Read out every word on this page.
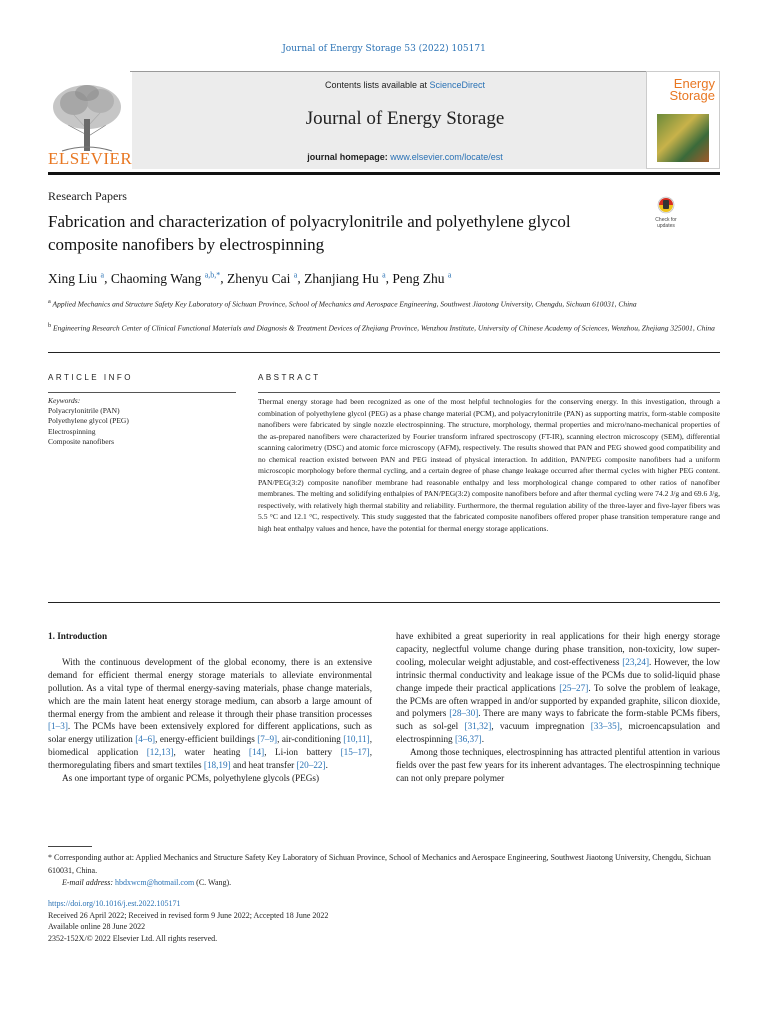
Journal of Energy Storage 53 (2022) 105171
ELSEVIER
Contents lists available at ScienceDirect
Journal of Energy Storage
journal homepage: www.elsevier.com/locate/est
Energy
Storage
Research Papers
Fabrication and characterization of polyacrylonitrile and polyethylene glycol composite nanofibers by electrospinning
Check for
updates
Xing Liu $^a$, Chaoming Wang $^{a,b,*}$, Zhenyu Cai $^a$, Zhanjiang Hu $^a$, Peng Zhu $^a$
$^a$ Applied Mechanics and Structure Safety Key Laboratory of Sichuan Province, School of Mechanics and Aerospace Engineering, Southwest Jiaotong University, Chengdu, Sichuan 610031, China
$^b$ Engineering Research Center of Clinical Functional Materials and Diagnosis & Treatment Devices of Zhejiang Province, Wenzhou Institute, University of Chinese Academy of Sciences, Wenzhou, Zhejiang 325001, China
ARTICLE INFO	ABSTRACT
Keywords:
Polyacrylonitrile (PAN)
Polyethylene glycol (PEG)
Electrospinning
Composite nanofibers
Thermal energy storage had been recognized as one of the most helpful technologies for the conserving energy. In this investigation, through a combination of polyethylene glycol (PEG) as a phase change material (PCM), and polyacrylonitrile (PAN) as supporting matrix, form-stable composite nanofibers were fabricated by single nozzle electrospinning. The structure, morphology, thermal properties and micro/nano-mechanical properties of the as-prepared nanofibers were characterized by Fourier transform infrared spectroscopy (FT-IR), scanning electron microscopy (SEM), differential scanning calorimetry (DSC) and atomic force microscopy (AFM), respectively. The results showed that PAN and PEG showed good compatibility and no chemical reaction existed between PAN and PEG instead of physical interaction. In addition, PAN/PEG composite nanofibers had a uniform microscopic morphology before thermal cycling, and a certain degree of phase change leakage occurred after thermal cycles with higher PEG content. PAN/PEG(3:2) composite nanofiber membrane had reasonable enthalpy and less morphological change compared to other ratios of nanofiber membranes. The melting and solidifying enthalpies of PAN/PEG(3:2) composite nanofibers before and after thermal cycling were 74.2 J/g and 69.6 J/g, respectively, with relatively high thermal stability and reliability. Furthermore, the thermal regulation ability of the three-layer and five-layer fibers was 5.5 °C and 12.1 °C, respectively. This study suggested that the fabricated composite nanofibers offered proper phase transition temperature range and high heat enthalpy values and hence, have the potential for thermal energy storage applications.

1. Introduction

With the continuous development of the global economy, there is an extensive demand for efficient thermal energy storage materials to alleviate environmental pollution. As a vital type of thermal energy-saving materials, phase change materials, which are the main latent heat energy storage medium, can absorb a large amount of thermal energy from the ambient and release it through their phase transition processes [1–3]. The PCMs have been extensively explored for different applications, such as solar energy utilization [4–6], energy-efficient buildings [7–9], air-conditioning [10,11], biomedical application [12,13], water heating [14], Li-ion battery [15–17], thermoregulating fibers and smart textiles [18,19] and heat transfer [20–22].

As one important type of organic PCMs, polyethylene glycols (PEGs)

have exhibited a great superiority in real applications for their high energy storage capacity, neglectful volume change during phase transition, non-toxicity, low super-cooling, molecular weight adjustable, and cost-effectiveness [23,24]. However, the low intrinsic thermal conductivity and leakage issue of the PCMs due to solid-liquid phase change impede their practical applications [25–27]. To solve the problem of leakage, the PCMs are often wrapped in and/or supported by expanded graphite, silicon dioxide, and polymers [28–30]. There are many ways to fabricate the form-stable PCMs fibers, such as sol-gel [31,32], vacuum impregnation [33–35], microencapsulation and electrospinning [36,37].

Among those techniques, electrospinning has attracted plentiful attention in various fields over the past few years for its inherent advantages. The electrospinning technique can not only prepare polymer

* Corresponding author at: Applied Mechanics and Structure Safety Key Laboratory of Sichuan Province, School of Mechanics and Aerospace Engineering, Southwest Jiaotong University, Chengdu, Sichuan 610031, China.
E-mail address: hbdxwcm@hotmail.com (C. Wang).
https://doi.org/10.1016/j.est.2022.105171
Received 26 April 2022; Received in revised form 9 June 2022; Accepted 18 June 2022
Available online 28 June 2022
2352-152X/© 2022 Elsevier Ltd. All rights reserved.
